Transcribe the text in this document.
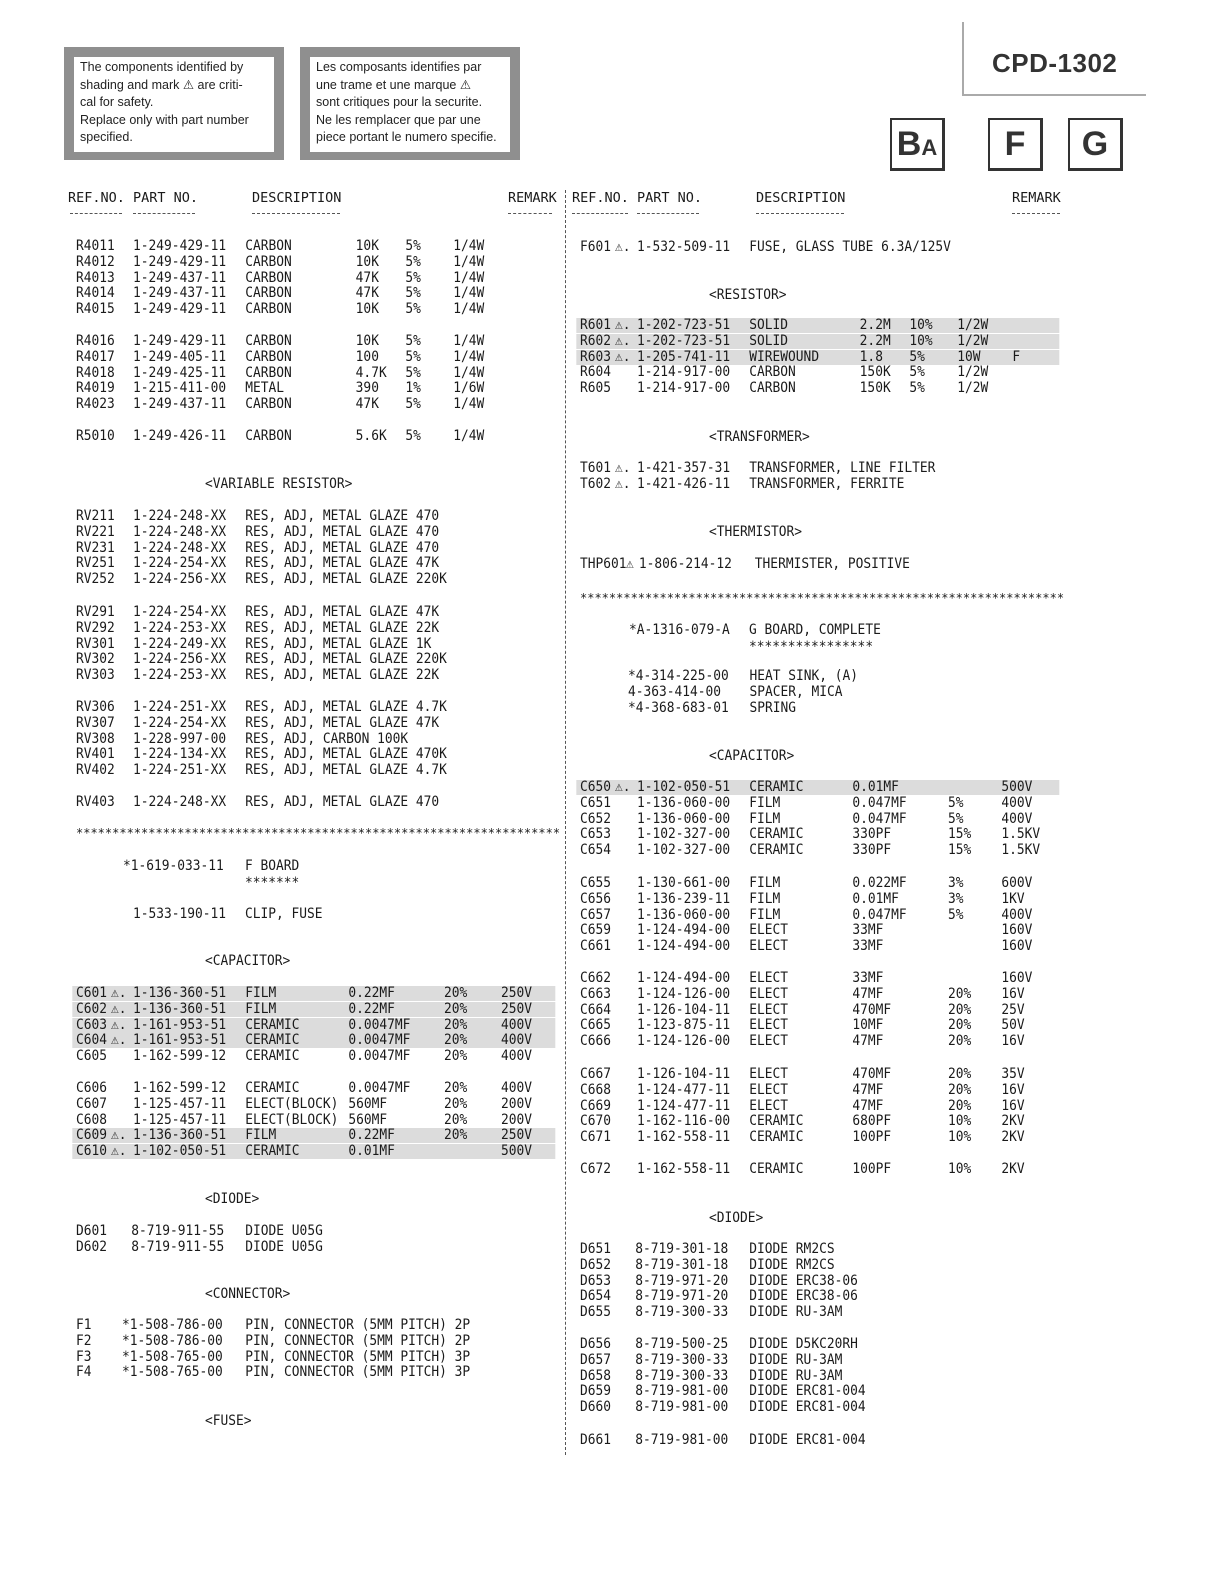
The components identified by
shading and mark ⚠ are criti-
cal for safety.
Replace only with part number
specified.
Les composants identifies par
une trame et une marque ⚠
sont critiques pour la securite.
Ne les remplacer que par une
piece portant le numero specifie.
CPD-1302
BA F G
REF.NO. PART NO.	DESCRIPTION	REMARK REF.NO. PART NO.	DESCRIPTION	REMARK
<VARIABLE RESISTOR>
*******************************************************************
*1-619-033-11 F BOARD
*******
1-533-190-11 CLIP, FUSE
<CAPACITOR>
<DIODE>
<CONNECTOR>
<FUSE>
<RESISTOR>
<TRANSFORMER>
<THERMISTOR>
*******************************************************************
*A-1316-079-A G BOARD, COMPLETE
****************
<CAPACITOR>
<DIODE>
R4011 1-249-429-11 CARBON	10K 5% 1/4W
R4012 1-249-429-11 CARBON	10K 5% 1/4W
R4013 1-249-437-11 CARBON	47K 5% 1/4W
R4014 1-249-437-11 CARBON	47K 5% 1/4W
R4015 1-249-429-11 CARBON	10K 5% 1/4W
R4016 1-249-429-11 CARBON	10K 5% 1/4W
R4017 1-249-405-11 CARBON	100 5% 1/4W
R4018 1-249-425-11 CARBON	4.7K 5% 1/4W
R4019 1-215-411-00 METAL	390 1% 1/6W
R4023 1-249-437-11 CARBON	47K 5% 1/4W
R5010 1-249-426-11 CARBON	5.6K 5% 1/4W
RV211 1-224-248-XX RES, ADJ, METAL GLAZE 470
RV221 1-224-248-XX RES, ADJ, METAL GLAZE 470
RV231 1-224-248-XX RES, ADJ, METAL GLAZE 470
RV251 1-224-254-XX RES, ADJ, METAL GLAZE 47K
RV252 1-224-256-XX RES, ADJ, METAL GLAZE 220K
RV291 1-224-254-XX RES, ADJ, METAL GLAZE 47K
RV292 1-224-253-XX RES, ADJ, METAL GLAZE 22K
RV301 1-224-249-XX RES, ADJ, METAL GLAZE 1K
RV302 1-224-256-XX RES, ADJ, METAL GLAZE 220K
RV303 1-224-253-XX RES, ADJ, METAL GLAZE 22K
RV306 1-224-251-XX RES, ADJ, METAL GLAZE 4.7K
RV307 1-224-254-XX RES, ADJ, METAL GLAZE 47K
RV308 1-228-997-00 RES, ADJ, CARBON 100K
RV401 1-224-134-XX RES, ADJ, METAL GLAZE 470K
RV402 1-224-251-XX RES, ADJ, METAL GLAZE 4.7K
RV403 1-224-248-XX RES, ADJ, METAL GLAZE 470
C601 ⚠. 1-136-360-51 FILM	0.22MF	20% 250V
C602 ⚠. 1-136-360-51 FILM	0.22MF	20% 250V
C603 ⚠. 1-161-953-51 CERAMIC	0.0047MF 20% 400V
C604 ⚠. 1-161-953-51 CERAMIC	0.0047MF 20% 400V
C605 1-162-599-12 CERAMIC	0.0047MF 20% 400V
C606 1-162-599-12 CERAMIC	0.0047MF 20% 400V
C607 1-125-457-11 ELECT(BLOCK) 560MF	20% 200V
C608 1-125-457-11 ELECT(BLOCK) 560MF	20% 200V
C609 ⚠. 1-136-360-51 FILM	0.22MF	20% 250V
C610 ⚠. 1-102-050-51 CERAMIC	0.01MF	500V
D601 8-719-911-55 DIODE U05G
D602 8-719-911-55 DIODE U05G
F1 *1-508-786-00 PIN, CONNECTOR (5MM PITCH) 2P
F2 *1-508-786-00 PIN, CONNECTOR (5MM PITCH) 2P
F3 *1-508-765-00 PIN, CONNECTOR (5MM PITCH) 3P
F4 *1-508-765-00 PIN, CONNECTOR (5MM PITCH) 3P
F601 ⚠. 1-532-509-11 FUSE, GLASS TUBE 6.3A/125V
R601 ⚠. 1-202-723-51 SOLID	2.2M 10% 1/2W
R602 ⚠. 1-202-723-51 SOLID	2.2M 10% 1/2W
R603 ⚠. 1-205-741-11 WIREWOUND	1.8 5% 10W F
R604 1-214-917-00 CARBON	150K 5% 1/2W
R605 1-214-917-00 CARBON	150K 5% 1/2W
T601 ⚠. 1-421-357-31 TRANSFORMER, LINE FILTER
T602 ⚠. 1-421-426-11 TRANSFORMER, FERRITE
THP601 ⚠ 1-806-214-12 THERMISTER, POSITIVE
*4-314-225-00 HEAT SINK, (A)
4-363-414-00 SPACER, MICA
*4-368-683-01 SPRING
C650 ⚠. 1-102-050-51 CERAMIC	0.01MF	500V
C651 1-136-060-00 FILM	0.047MF	5%	400V
C652 1-136-060-00 FILM	0.047MF	5%	400V
C653 1-102-327-00 CERAMIC	330PF	15% 1.5KV
C654 1-102-327-00 CERAMIC	330PF	15% 1.5KV
C655 1-130-661-00 FILM	0.022MF	3%	600V
C656 1-136-239-11 FILM	0.01MF	3%	1KV
C657 1-136-060-00 FILM	0.047MF	5%	400V
C659 1-124-494-00 ELECT	33MF	160V
C661 1-124-494-00 ELECT	33MF	160V
C662 1-124-494-00 ELECT	33MF	160V
C663 1-124-126-00 ELECT	47MF	20% 16V
C664 1-126-104-11 ELECT	470MF	20% 25V
C665 1-123-875-11 ELECT	10MF	20% 50V
C666 1-124-126-00 ELECT	47MF	20% 16V
C667 1-126-104-11 ELECT	470MF	20% 35V
C668 1-124-477-11 ELECT	47MF	20% 16V
C669 1-124-477-11 ELECT	47MF	20% 16V
C670 1-162-116-00 CERAMIC	680PF	10% 2KV
C671 1-162-558-11 CERAMIC	100PF	10% 2KV
C672 1-162-558-11 CERAMIC	100PF	10% 2KV
D651 8-719-301-18 DIODE RM2CS
D652 8-719-301-18 DIODE RM2CS
D653 8-719-971-20 DIODE ERC38-06
D654 8-719-971-20 DIODE ERC38-06
D655 8-719-300-33 DIODE RU-3AM
D656 8-719-500-25 DIODE D5KC20RH
D657 8-719-300-33 DIODE RU-3AM
D658 8-719-300-33 DIODE RU-3AM
D659 8-719-981-00 DIODE ERC81-004
D660 8-719-981-00 DIODE ERC81-004
D661 8-719-981-00 DIODE ERC81-004
